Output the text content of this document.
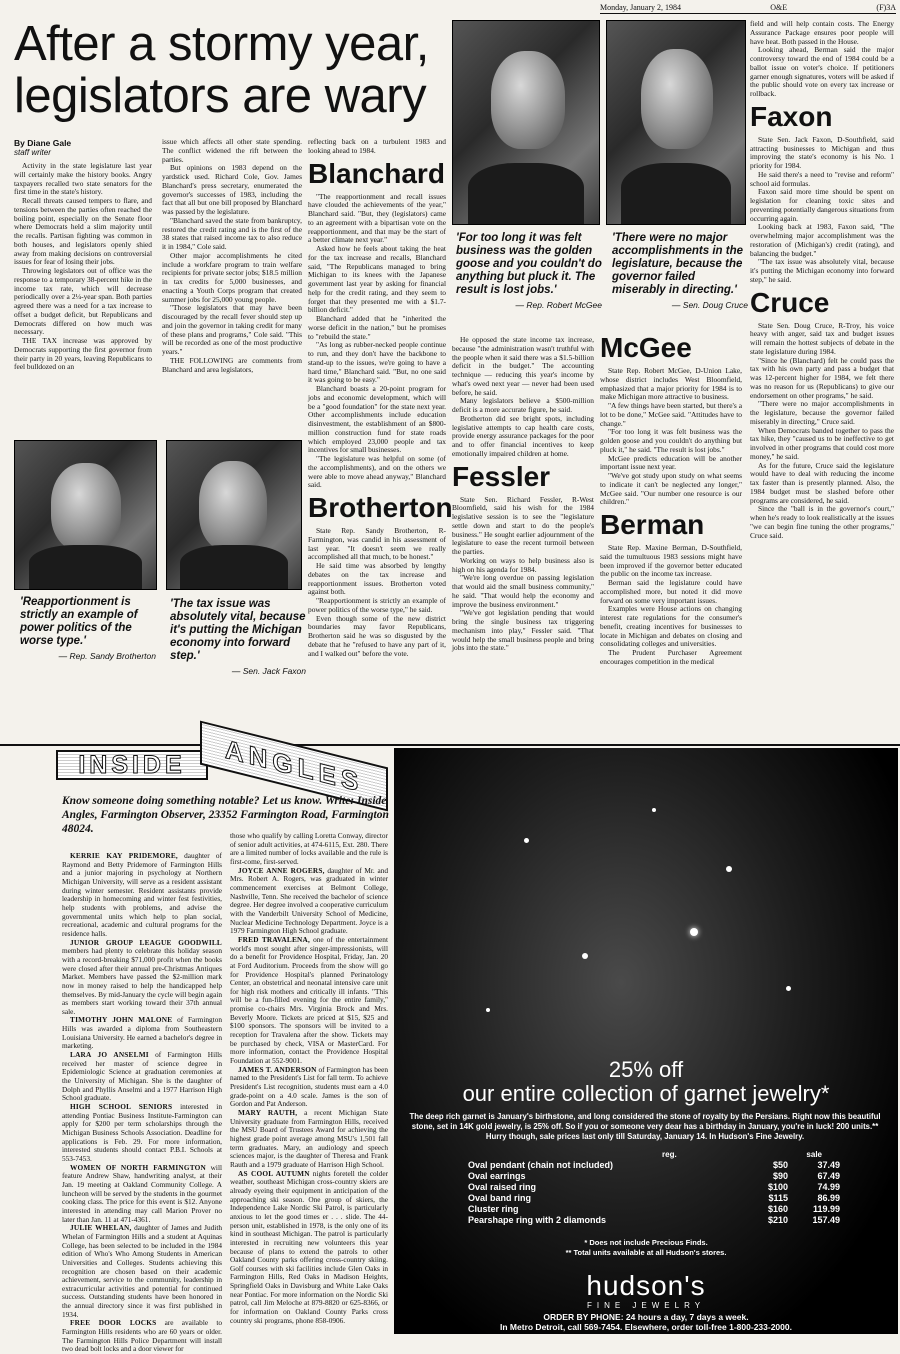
Monday, January 2, 1984	O&E	(F)3A
After a stormy year, legislators are wary
By Diane Gale
staff writer

Activity in the state legislature last year will certainly make the history books. Angry taxpayers recalled two state senators for the first time in the state's history.

Recall threats caused tempers to flare, and tensions between the parties often reached the boiling point, especially on the Senate floor where Democrats held a slim majority until the recalls. Partisan fighting was common in both houses, and legislators openly shied away from making decisions on controversial issues for fear of losing their jobs.

Throwing legislators out of office was the response to a temporary 38-percent hike in the income tax rate, which will decrease periodically over a 2¼-year span. Both parties agreed there was a need for a tax increase to offset a budget deficit, but Republicans and Democrats differed on how much was necessary.

THE TAX increase was approved by Democrats supporting the first governor from their party in 20 years, leaving Republicans to feel bulldozed on an

issue which affects all other state spending. The conflict widened the rift between the parties.

But opinions on 1983 depend on the yardstick used. Richard Cole, Gov. James Blanchard's press secretary, enumerated the governor's successes of 1983, including the fact that all but one bill proposed by Blanchard was passed by the legislature.

"Blanchard saved the state from bankruptcy, restored the credit rating and is the first of the 38 states that raised income tax to also reduce it in 1984," Cole said.

Other major accomplishments he cited include a workfare program to train welfare recipients for private sector jobs; $18.5 million in tax credits for 5,000 businesses, and enacting a Youth Corps program that created summer jobs for 25,000 young people.

"Those legislators that may have been discouraged by the recall fever should step up and join the governor in taking credit for many of these plans and programs," Cole said. "This will be recorded as one of the most productive years."

THE FOLLOWING are comments from Blanchard and area legislators,

'Reapportionment is strictly an example of power politics of the worse type.'
— Rep. Sandy Brotherton
'The tax issue was absolutely vital, because it's putting the Michigan economy into forward step.'
— Sen. Jack Faxon

reflecting back on a turbulent 1983 and looking ahead to 1984.

Blanchard

"The reapportionment and recall issues have clouded the achievements of the year," Blanchard said. "But, they (legislators) came to an agreement with a bipartisan vote on the reapportionment, and that may be the start of a better climate next year."

Asked how he feels about taking the heat for the tax increase and recalls, Blanchard said, "The Republicans managed to bring Michigan to its knees with the Japanese government last year by asking for financial help for the credit rating, and they seem to forget that they presented me with a $1.7-billion deficit."

Blanchard added that he "inherited the worse deficit in the nation," but he promises to "rebuild the state."

"As long as rubber-necked people continue to run, and they don't have the backbone to stand-up to the issues, we're going to have a hard time," Blanchard said. "But, no one said it was going to be easy."

Blanchard boasts a 20-point program for jobs and economic development, which will be a "good foundation" for the state next year. Other accomplishments include education disinvestment, the establishment of an $800-million construction fund for state roads which employed 23,000 people and tax incentives for small businesses.

"The legislature was helpful on some (of the accomplishments), and on the others we were able to move ahead anyway," Blanchard said.

Brotherton

State Rep. Sandy Brotherton, R-Farmington, was candid in his assessment of last year. "It doesn't seem we really accomplished all that much, to be honest."

He said time was absorbed by lengthy debates on the tax increase and reapportionment issues. Brotherton voted against both.

"Reapportionment is strictly an example of power politics of the worse type," he said.

Even though some of the new district boundaries may favor Republicans, Brotherton said he was so disgusted by the debate that he "refused to have any part of it, and I walked out" before the vote.

'For too long it was felt business was the golden goose and you couldn't do anything but pluck it. The result is lost jobs.'
— Rep. Robert McGee
'There were no major accomplishments in the legislature, because the governor failed miserably in directing.'
— Sen. Doug Cruce

He opposed the state income tax increase, because "the administration wasn't truthful with the people when it said there was a $1.5-billion deficit in the budget." The accounting technique — reducing this year's income by what's owed next year — never had been used before, he said.

Many legislators believe a $500-million deficit is a more accurate figure, he said.

Brotherton did see bright spots, including legislative attempts to cap health care costs, provide energy assurance packages for the poor and to offer financial incentives to keep emotionally impaired children at home.

Fessler

State Sen. Richard Fessler, R-West Bloomfield, said his wish for the 1984 legislative session is to see the "legislature settle down and start to do the people's business." He sought earlier adjournment of the legislature to ease the recent turmoil between the parties.

Working on ways to help business also is high on his agenda for 1984.

"We're long overdue on passing legislation that would aid the small business community," he said. "That would help the economy and improve the business environment."

"We've got legislation pending that would bring the single business tax triggering mechanism into play," Fessler said. "That would help the small business people and bring jobs into the state."

McGee

State Rep. Robert McGee, D-Union Lake, whose district includes West Bloomfield, emphasized that a major priority for 1984 is to make Michigan more attractive to business.

"A few things have been started, but there's a lot to be done," McGee said. "Attitudes have to change."

"For too long it was felt business was the golden goose and you couldn't do anything but pluck it," he said. "The result is lost jobs."

McGee predicts education will be another important issue next year.

"We've got study upon study on what seems to indicate it can't be neglected any longer," McGee said. "Our number one resource is our children."

Berman

State Rep. Maxine Berman, D-Southfield, said the tumultuous 1983 sessions might have been improved if the governor better educated the public on the income tax increase.

Berman said the legislature could have accomplished more, but noted it did move forward on some very important issues.

Examples were House actions on changing interest rate regulations for the consumer's benefit, creating incentives for businesses to locate in Michigan and debates on closing and consolidating colleges and universities.

The Prudent Purchaser Agreement encourages competition in the medical

field and will help contain costs. The Energy Assurance Package ensures poor people will have heat. Both passed in the House.

Looking ahead, Berman said the major controversy toward the end of 1984 could be a ballot issue on voter's choice. If petitioners garner enough signatures, voters will be asked if the public should vote on every tax increase or rollback.

Faxon

State Sen. Jack Faxon, D-Southfield, said attracting businesses to Michigan and thus improving the state's economy is his No. 1 priority for 1984.

He said there's a need to "revise and reform" school aid formulas.

Faxon said more time should be spent on legislation for cleaning toxic sites and preventing potentially dangerous situations from occurring again.

Looking back at 1983, Faxon said, "The overwhelming major accomplishment was the restoration of (Michigan's) credit (rating), and balancing the budget."

"The tax issue was absolutely vital, because it's putting the Michigan economy into forward step," he said.

Cruce

State Sen. Doug Cruce, R-Troy, his voice heavy with anger, said tax and budget issues will remain the hottest subjects of debate in the state legislature during 1984.

"Since he (Blanchard) felt he could pass the tax with his own party and pass a budget that was 12-percent higher for 1984, we felt there was no reason for us (Republicans) to give our endorsement on other programs," he said.

"There were no major accomplishments in the legislature, because the governor failed miserably in directing," Cruce said.

When Democrats banded together to pass the tax hike, they "caused us to be ineffective to get involved in other programs that could cost more money," he said.

As for the future, Cruce said the legislature would have to deal with reducing the income tax faster than is presently planned. Also, the 1984 budget must be slashed before other programs are considered, he said.

Since the "ball is in the governor's court," when he's ready to look realistically at the issues "we can begin fine tuning the other programs," Cruce said.

INSIDE	ANGLES
Know someone doing something notable? Let us know. Write: Inside Angles, Farmington Observer, 23352 Farmington Road, Farmington 48024.

KERRIE KAY PRIDEMORE, daughter of Raymond and Betty Pridemore of Farmington Hills and a junior majoring in psychology at Northern Michigan University, will serve as a resident assistant during winter semester. Resident assistants provide leadership in homecoming and winter fest festivities, help students with problems, and advise the governmental units which help to plan social, recreational, academic and cultural programs for the residence halls.

JUNIOR GROUP LEAGUE GOODWILL members had plenty to celebrate this holiday season with a record-breaking $71,000 profit when the books were closed after their annual pre-Christmas Antiques Market. Members have passed the $2-million mark now in money raised to help the handicapped help themselves. By mid-January the cycle will begin again as members start working toward their 37th annual sale.

TIMOTHY JOHN MALONE of Farmington Hills was awarded a diploma from Southeastern Louisiana University. He earned a bachelor's degree in marketing.

LARA JO ANSELMI of Farmington Hills received her master of science degree in Epidemiologic Science at graduation ceremonies at the University of Michigan. She is the daughter of Dolph and Phyllis Anselmi and a 1977 Harrison High School graduate.

HIGH SCHOOL SENIORS interested in attending Pontiac Business Institute-Farmington can apply for $200 per term scholarships through the Michigan Business Schools Association. Deadline for applications is Feb. 29. For more information, interested students should contact P.B.I. Schools at 553-7453.

WOMEN OF NORTH FARMINGTON will feature Andrew Shaw, handwriting analyst, at their Jan. 19 meeting at Oakland Community College. A luncheon will be served by the students in the gourmet cooking class. The price for this event is $12. Anyone interested in attending may call Marion Prover no later than Jan. 11 at 471-4361.

JULIE WHELAN, daughter of James and Judith Whelan of Farmington Hills and a student at Aquinas College, has been selected to be included in the 1984 edition of Who's Who Among Students in American Universities and Colleges. Students achieving this recognition are chosen based on their academic achievement, service to the community, leadership in extracurricular activities and potential for continued success. Outstanding students have been honored in the annual directory since it was first published in 1934.

FREE DOOR LOCKS are available to Farmington Hills residents who are 60 years or older. The Farmington Hills Police Department will install two dead bolt locks and a door viewer for

those who qualify by calling Loretta Conway, director of senior adult activities, at 474-6115, Ext. 280. There are a limited number of locks available and the rule is first-come, first-served.

JOYCE ANNE ROGERS, daughter of Mr. and Mrs. Robert A. Rogers, was graduated in winter commencement exercises at Belmont College, Nashville, Tenn. She received the bachelor of science degree. Her degree involved a cooperative curriculum with the Vanderbilt University School of Medicine, Nuclear Medicine Technology Department. Joyce is a 1979 Farmington High School graduate.

FRED TRAVALENA, one of the entertainment world's most sought after singer-impressionists, will do a benefit for Providence Hospital, Friday, Jan. 20 at Ford Auditorium. Proceeds from the show will go for Providence Hospital's planned Perinatology Center, an obstetrical and neonatal intensive care unit for high risk mothers and critically ill infants. "This will be a fun-filled evening for the entire family," promise co-chairs Mrs. Virginia Brock and Mrs. Beverly Moore. Tickets are priced at $15, $25 and $100 sponsors. The sponsors will be invited to a reception for Travalena after the show. Tickets may be purchased by check, VISA or MasterCard. For more information, contact the Providence Hospital Foundation at 552-9001.

JAMES T. ANDERSON of Farmington has been named to the President's List for fall term. To achieve President's List recognition, students must earn a 4.0 grade-point on a 4.0 scale. James is the son of Gordon and Pat Anderson.

MARY RAUTH, a recent Michigan State University graduate from Farmington Hills, received the MSU Board of Trustees Award for achieving the highest grade point average among MSU's 1,501 fall term graduates. Mary, an audiology and speech sciences major, is the daughter of Theresa and Frank Rauth and a 1979 graduate of Harrison High School.

AS COOL AUTUMN nights foretell the colder weather, southeast Michigan cross-country skiers are already eyeing their equipment in anticipation of the approaching ski season. One group of skiers, the Independence Lake Nordic Ski Patrol, is particularly anxious to let the good times er . . . slide. The 44-person unit, established in 1978, is the only one of its kind in southeast Michigan. The patrol is particularly interested in recruiting new volunteers this year because of plans to extend the patrols to other Oakland County parks offering cross-country skiing. Golf courses with ski facilities include Glen Oaks in Farmington Hills, Red Oaks in Madison Heights, Springfield Oaks in Davisburg and White Lake Oaks near Pontiac. For more information on the Nordic Ski patrol, call Jim Meloche at 879-8820 or 625-8366, or for information on Oakland County Parks cross country ski programs, phone 858-0906.

25% off
our entire collection of garnet jewelry*
The deep rich garnet is January's birthstone, and long considered the stone of royalty by the Persians. Right now this beautiful stone, set in 14K gold jewelry, is 25% off. So if you or someone very dear has a birthday in January, you're in luck! 200 units.** Hurry though, sale prices last only till Saturday, January 14. In Hudson's Fine Jewelry.
reg.	sale
Oval pendant (chain not included)	$50	37.49
Oval earrings	$90	67.49
Oval raised ring	$100	74.99
Oval band ring	$115	86.99
Cluster ring	$160	119.99
Pearshape ring with 2 diamonds	$210	157.49
* Does not include Precious Finds.
** Total units available at all Hudson's stores.
hudson's
FINE JEWELRY
ORDER BY PHONE: 24 hours a day, 7 days a week.
In Metro Detroit, call 569-7454. Elsewhere, order toll-free 1-800-233-2000.
